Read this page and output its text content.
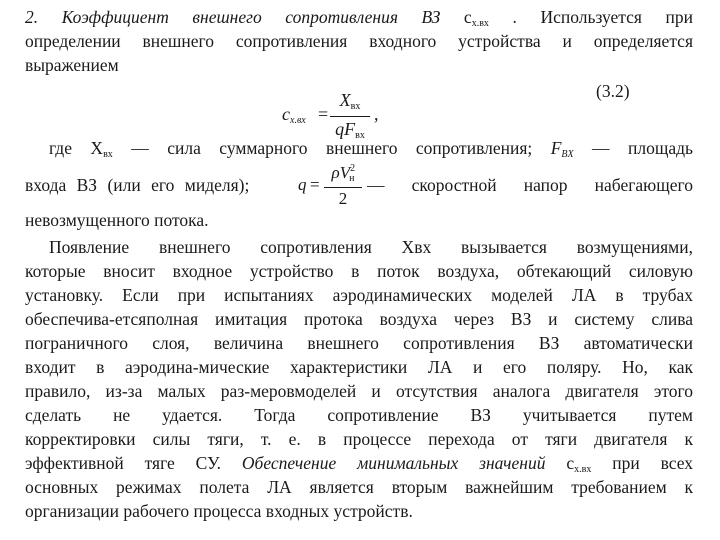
2. Коэффициент внешнего сопротивления ВЗ cх.вх . Используется при
определении внешнего сопротивления входного устройства и определяется
выражением
(3.2)
cх.вх =
Xвх
qFвх
,
где Xвх — сила суммарного внешнего сопротивления; FBX — площадь
входа ВЗ (или его миделя);	q =
$\rho V^2н$
2
— скоростной напор набегающего
невозмущенного потока.
Появление внешнего сопротивления Xвх вызывается возмущениями,
которые вносит входное устройство в поток воздуха, обтекающий силовую
установку. Если при испытаниях аэродинамических моделей ЛА в трубах
обеспечива-етсяполная имитация протока воздуха через ВЗ и систему слива
пограничного слоя, величина внешнего сопротивления ВЗ автоматически
входит в аэродина-мические характеристики ЛА и его поляру. Но, как
правило, из-за малых раз-меровмоделей и отсутствия аналога двигателя этого
сделать не удается. Тогда сопротивление ВЗ учитывается путем
корректировки силы тяги, т. е. в процессе перехода от тяги двигателя к
эффективной тяге СУ. Обеспечение минимальных значений cх.вх при всех
основных режимах полета ЛА является вторым важнейшим требованием к
организации рабочего процесса входных устройств.
